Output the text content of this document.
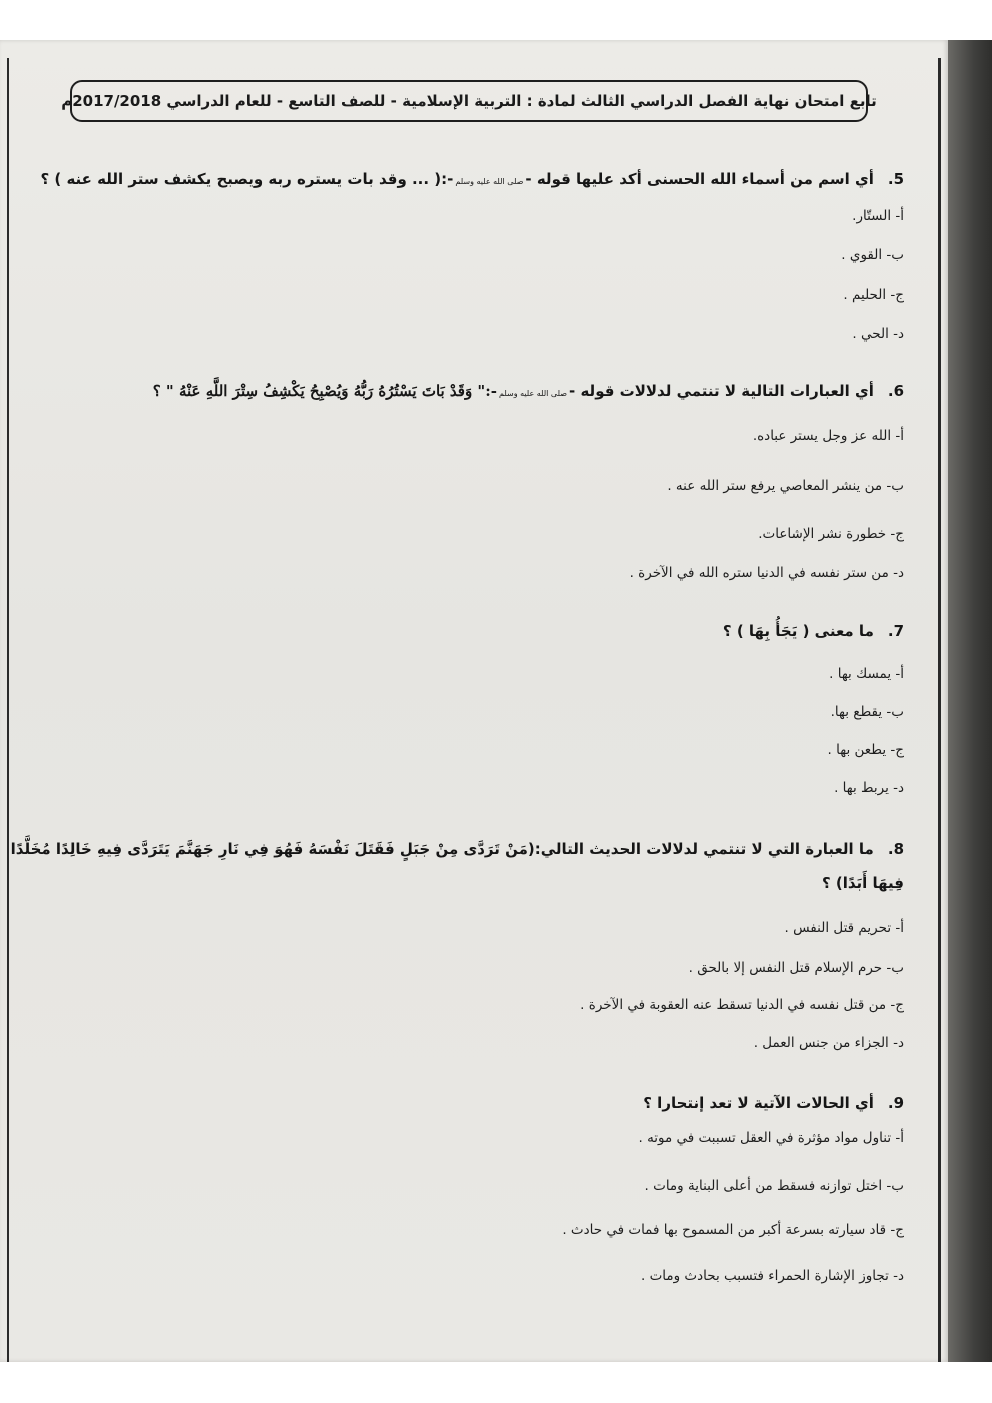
تابع امتحان نهاية الفصل الدراسي الثالث لمادة : التربية الإسلامية - للصف التاسع - للعام الدراسي 2017/2018م
5.أي اسم من أسماء الله الحسنى أكد عليها قوله -صلى الله عليه وسلم-:( ... وقد بات يستره ربه ويصبح يكشف ستر الله عنه ) ؟
أ- الستّار.
ب- القوي .
ج- الحليم .
د- الحي .
6.أي العبارات التالية لا تنتمي لدلالات قوله -صلى الله عليه وسلم-:" وَقَدْ بَاتَ يَسْتُرُهُ رَبُّهُ وَيُصْبِحُ يَكْشِفُ سِتْرَ اللَّهِ عَنْهُ " ؟
أ- الله عز وجل يستر عباده.
ب- من ينشر المعاصي يرفع ستر الله عنه .
ج- خطورة نشر الإشاعات.
د- من ستر نفسه في الدنيا ستره الله في الآخرة .
7.ما معنى ( يَجَأُ بِهَا ) ؟
أ- يمسك بها .
ب- يقطع بها.
ج- يطعن بها .
د- يربط بها .
8.ما العبارة التي لا تنتمي لدلالات الحديث التالي:(مَنْ تَرَدَّى مِنْ جَبَلٍ فَقَتَلَ نَفْسَهُ فَهُوَ فِي نَارِ جَهَنَّمَ يَتَرَدَّى فِيهِ خَالِدًا مُخَلَّدًا
فِيهَا أَبَدًا) ؟
أ- تحريم قتل النفس .
ب- حرم الإسلام قتل النفس إلا بالحق .
ج- من قتل نفسه في الدنيا تسقط عنه العقوبة في الآخرة .
د- الجزاء من جنس العمل .
9.أي الحالات الآتية لا تعد إنتحارا ؟
أ- تناول مواد مؤثرة في العقل تسببت في موته .
ب- اختل توازنه فسقط من أعلى البناية ومات .
ج- قاد سيارته بسرعة أكبر من المسموح بها فمات في حادث .
د- تجاوز الإشارة الحمراء فتسبب بحادث ومات .
